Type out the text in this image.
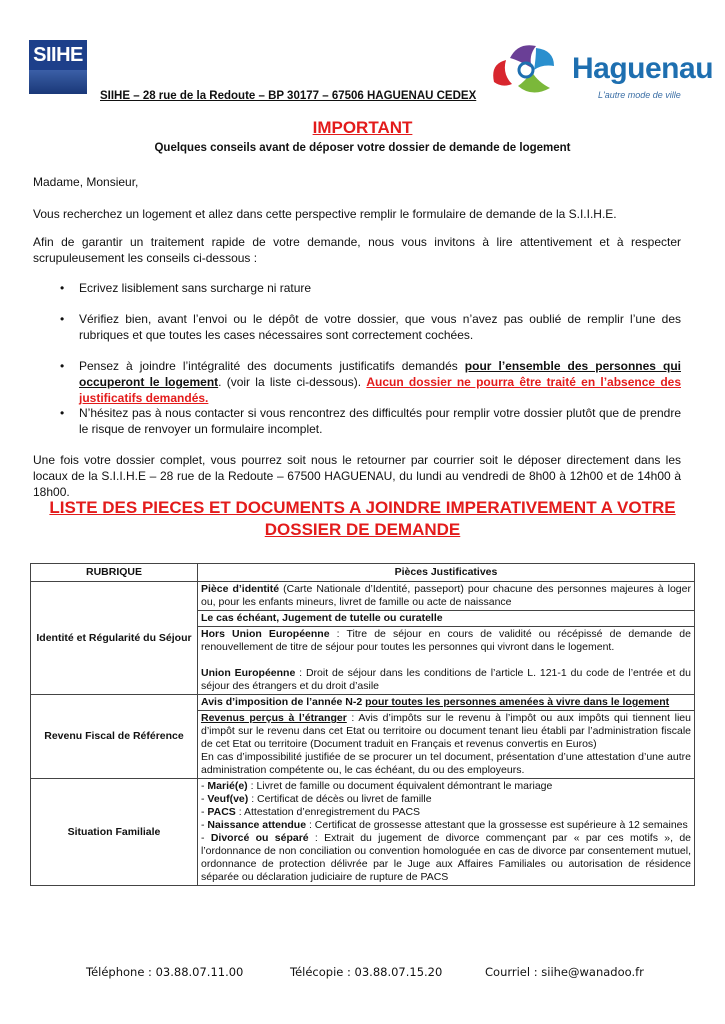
SIIHE	Haguenau
L'autre mode de ville
SIIHE – 28 rue de la Redoute – BP 30177 – 67506 HAGUENAU CEDEX
IMPORTANT
Quelques conseils avant de déposer votre dossier de demande de logement
Madame, Monsieur,
Vous recherchez un logement et allez dans cette perspective remplir le formulaire de demande de la S.I.I.H.E.
Afin de garantir un traitement rapide de votre demande, nous vous invitons à lire attentivement et à respecter scrupuleusement les conseils ci-dessous :
• Ecrivez lisiblement sans surcharge ni rature
• Vérifiez bien, avant l’envoi ou le dépôt de votre dossier, que vous n’avez pas oublié de remplir l’une des rubriques et que toutes les cases nécessaires sont correctement cochées.
• Pensez à joindre l’intégralité des documents justificatifs demandés pour l’ensemble des personnes qui occuperont le logement. (voir la liste ci-dessous). Aucun dossier ne pourra être traité en l’absence des justificatifs demandés.
• N’hésitez pas à nous contacter si vous rencontrez des difficultés pour remplir votre dossier plutôt que de prendre le risque de renvoyer un formulaire incomplet.
Une fois votre dossier complet, vous pourrez soit nous le retourner par courrier soit le déposer directement dans les locaux de la S.I.I.H.E – 28 rue de la Redoute – 67500 HAGUENAU, du lundi au vendredi de 8h00 à 12h00 et de 14h00 à 18h00.
LISTE DES PIECES ET DOCUMENTS A JOINDRE IMPERATIVEMENT A VOTRE
DOSSIER DE DEMANDE
RUBRIQUE	Pièces Justificatives
Identité et Régularité du Séjour	Pièce d’identité (Carte Nationale d’Identité, passeport) pour chacune des personnes majeures à loger ou, pour les enfants mineurs, livret de famille ou acte de naissance
	Le cas échéant, Jugement de tutelle ou curatelle

	Hors Union Européenne : Titre de séjour en cours de validité ou récépissé de demande de renouvellement de titre de séjour pour toutes les personnes qui vivront dans le logement.
Union Européenne : Droit de séjour dans les conditions de l’article L. 121-1 du code de l’entrée et du séjour des étrangers et du droit d’asile

Revenu Fiscal de Référence	Avis d’imposition de l’année N-2 pour toutes les personnes amenées à vivre dans le logement

	Revenus perçus à l’étranger : Avis d’impôts sur le revenu à l’impôt ou aux impôts qui tiennent lieu d’impôt sur le revenu dans cet Etat ou territoire ou document tenant lieu établi par l’administration fiscale de cet Etat ou territoire (Document traduit en Français et revenus convertis en Euros)
En cas d’impossibilité justifiée de se procurer un tel document, présentation d’une attestation d’une autre administration compétente ou, le cas échéant, du ou des employeurs.

Situation Familiale	- Marié(e) : Livret de famille ou document équivalent démontrant le mariage
- Veuf(ve) : Certificat de décès ou livret de famille
- PACS : Attestation d’enregistrement du PACS
- Naissance attendue : Certificat de grossesse attestant que la grossesse est supérieure à 12 semaines
- Divorcé ou séparé : Extrait du jugement de divorce commençant par « par ces motifs », de l’ordonnance de non conciliation ou convention homologuée en cas de divorce par consentement mutuel, ordonnance de protection délivrée par le Juge aux Affaires Familiales ou autorisation de résidence séparée ou déclaration judiciaire de rupture de PACS
Téléphone : 03.88.07.11.00	Télécopie : 03.88.07.15.20	Courriel : siihe@wanadoo.fr
